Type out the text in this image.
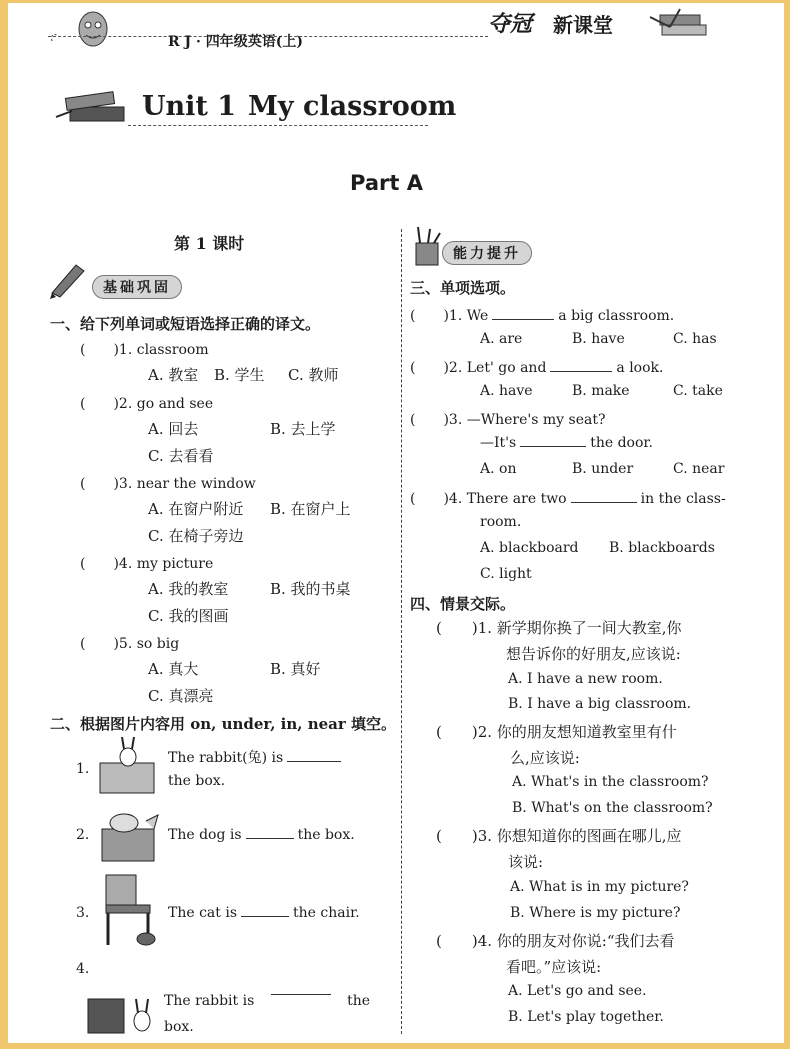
R J · 四年级英语(上)
夺冠 新课堂
Unit 1 My classroom
Part A
第 1 课时
基础巩固
能力提升
一、给下列单词或短语选择正确的译文。
(　　)1. classroom
A. 教室 B. 学生 C. 教师
(　　)2. go and see
A. 回去	B. 去上学
C. 去看看
(　　)3. near the window
A. 在窗户附近 B. 在窗户上
C. 在椅子旁边
(　　)4. my picture
A. 我的教室	B. 我的书桌
C. 我的图画
(　　)5. so big
A. 真大	B. 真好
C. 真漂亮
二、根据图片内容用 on, under, in, near 填空。
1.
The rabbit(兔) is
the box.
2.	The dog is	the box.
3.	The cat is	the chair.
4.
The rabbit is	the
box.
三、单项选项。
(　　)1. We	a big classroom.
A. are	B. have	C. has
(　　)2. Let' go and	a look.
A. have	B. make	C. take
(　　)3. —Where's my seat?
—It's	the door.
A. on	B. under	C. near
(　　)4. There are two	in the class-
room.
A. blackboard B. blackboards
C. light
四、情景交际。
(　　)1. 新学期你换了一间大教室,你
想告诉你的好朋友,应该说:
A. I have a new room.
B. I have a big classroom.
(　　)2. 你的朋友想知道教室里有什
么,应该说:
A. What's in the classroom?
B. What's on the classroom?
(　　)3. 你想知道你的图画在哪儿,应
该说:
A. What is in my picture?
B. Where is my picture?
(　　)4. 你的朋友对你说:“我们去看
看吧。”应该说:
A. Let's go and see.
B. Let's play together.
